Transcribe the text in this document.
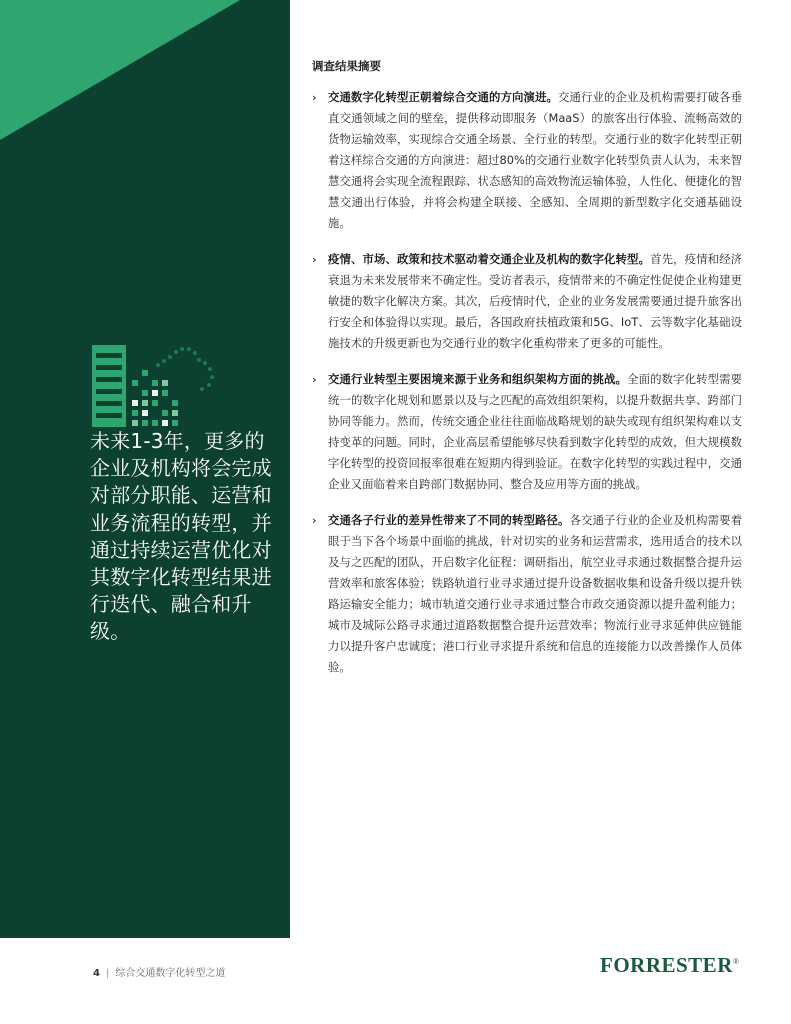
未来1-3年，更多的企业及机构将会完成对部分职能、运营和业务流程的转型，并通过持续运营优化对其数字化转型结果进行迭代、融合和升级。
调查结果摘要
› 交通数字化转型正朝着综合交通的方向演进。交通行业的企业及机构需要打破各垂直交通领域之间的壁垒，提供移动即服务（MaaS）的旅客出行体验、流畅高效的货物运输效率，实现综合交通全场景、全行业的转型。交通行业的数字化转型正朝着这样综合交通的方向演进：超过80%的交通行业数字化转型负责人认为，未来智慧交通将会实现全流程跟踪、状态感知的高效物流运输体验，人性化、便捷化的智慧交通出行体验，并将会构建全联接、全感知、全周期的新型数字化交通基础设施。
› 疫情、市场、政策和技术驱动着交通企业及机构的数字化转型。首先，疫情和经济衰退为未来发展带来不确定性。受访者表示，疫情带来的不确定性促使企业构建更敏捷的数字化解决方案。其次，后疫情时代，企业的业务发展需要通过提升旅客出行安全和体验得以实现。最后，各国政府扶植政策和5G、IoT、云等数字化基础设施技术的升级更新也为交通行业的数字化重构带来了更多的可能性。
› 交通行业转型主要困境来源于业务和组织架构方面的挑战。全面的数字化转型需要统一的数字化规划和愿景以及与之匹配的高效组织架构，以提升数据共享、跨部门协同等能力。然而，传统交通企业往往面临战略规划的缺失或现有组织架构难以支持变革的问题。同时，企业高层希望能够尽快看到数字化转型的成效，但大规模数字化转型的投资回报率很难在短期内得到验证。在数字化转型的实践过程中，交通企业又面临着来自跨部门数据协同、整合及应用等方面的挑战。
› 交通各子行业的差异性带来了不同的转型路径。各交通子行业的企业及机构需要着眼于当下各个场景中面临的挑战，针对切实的业务和运营需求，选用适合的技术以及与之匹配的团队，开启数字化征程：调研指出，航空业寻求通过数据整合提升运营效率和旅客体验；铁路轨道行业寻求通过提升设备数据收集和设备升级以提升铁路运输安全能力；城市轨道交通行业寻求通过整合市政交通资源以提升盈利能力；城市及城际公路寻求通过道路数据整合提升运营效率；物流行业寻求延伸供应链能力以提升客户忠诚度；港口行业寻求提升系统和信息的连接能力以改善操作人员体验。
4 | 综合交通数字化转型之道	FORRESTER®
